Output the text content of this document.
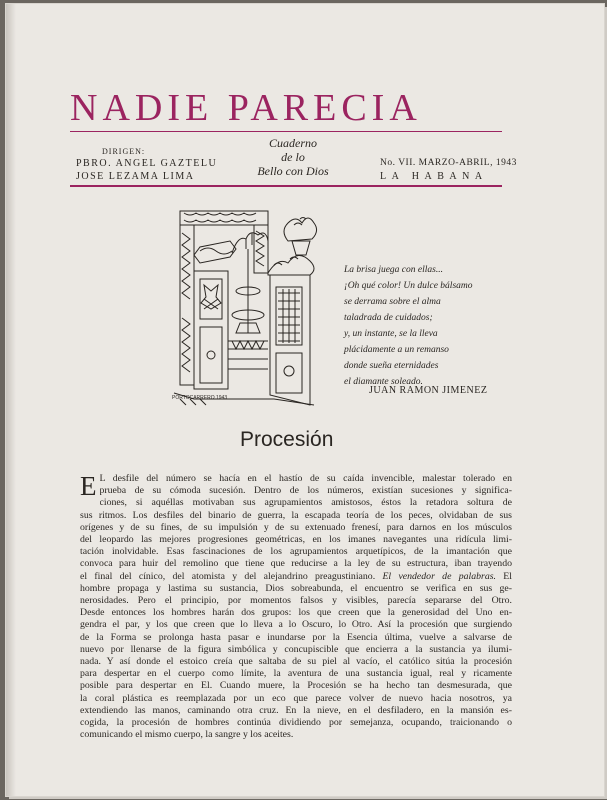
NADIE PARECIA
DIRIGEN:
PBRO. ANGEL GAZTELU
JOSE LEZAMA LIMA
Cuaderno
de lo
Bello con Dios
No. VII. MARZO-ABRIL, 1943
LA HABANA
PORTOCARRERO 1943
La brisa juega con ellas...
¡Oh qué color! Un dulce bálsamo
se derrama sobre el alma
taladrada de cuidados;
y, un instante, se la lleva
plácidamente a un remanso
donde sueña eternidades
el diamante soleado.
JUAN RAMON JIMENEZ
Procesión
E L desfile del número se hacía en el hastío de su caída invencible, malestar tolerado en
prueba de su cómoda sucesión. Dentro de los números, existían sucesiones y significa-
ciones, si aquéllas motivaban sus agrupamientos amistosos, éstos la retadora soltura de
sus ritmos. Los desfiles del binario de guerra, la escapada teoría de los peces, olvidaban de sus
orígenes y de su fines, de su impulsión y de su extenuado frenesí, para darnos en los músculos
del leopardo las mejores progresiones geométricas, en los imanes navegantes una ridícula limi-
tación inolvidable. Esas fascinaciones de los agrupamientos arquetípicos, de la imantación que
convoca para huir del remolino que tiene que reducirse a la ley de su estructura, iban trayendo
el final del cínico, del atomista y del alejandrino preagustiniano. El vendedor de palabras. El
hombre propaga y lastima su sustancia, Dios sobreabunda, el encuentro se verifica en sus ge-
nerosidades. Pero el principio, por momentos falsos y visibles, parecía separarse del Otro.
Desde entonces los hombres harán dos grupos: los que creen que la generosidad del Uno en-
gendra el par, y los que creen que lo lleva a lo Oscuro, lo Otro. Así la procesión que surgiendo
de la Forma se prolonga hasta pasar e inundarse por la Esencia última, vuelve a salvarse de
nuevo por llenarse de la figura simbólica y concupiscible que encierra a la sustancia ya ilumi-
nada. Y así donde el estoico creía que saltaba de su piel al vacío, el católico sitúa la procesión
para despertar en el cuerpo como límite, la aventura de una sustancia igual, real y ricamente
posible para despertar en El. Cuando muere, la Procesión se ha hecho tan desmesurada, que
la coral plástica es reemplazada por un eco que parece volver de nuevo hacia nosotros, ya
extendiendo las manos, caminando otra cruz. En la nieve, en el desfiladero, en la mansión es-
cogida, la procesión de hombres continúa dividiendo por semejanza, ocupando, traicionando o
comunicando el mismo cuerpo, la sangre y los aceites.
